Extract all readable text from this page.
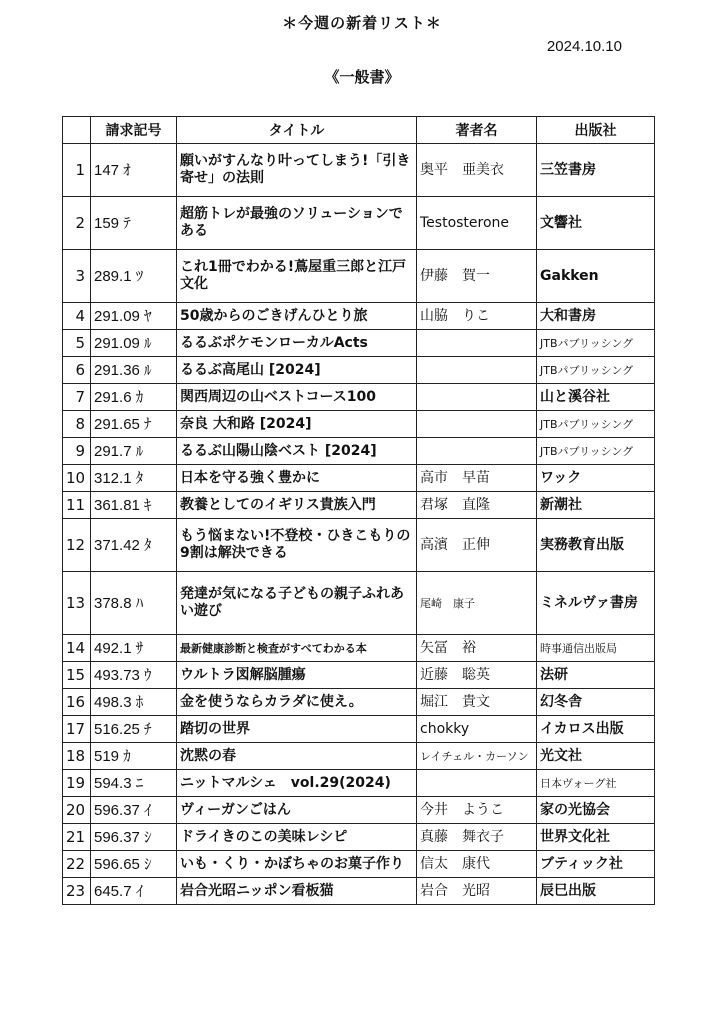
＊今週の新着リスト＊
2024.10.10
《一般書》
	請求記号	タイトル	著者名	出版社
1	147 ｵ	願いがすんなり叶ってしまう!「引き寄せ」の法則	奥平　亜美衣	三笠書房
2	159 ﾃ	超筋トレが最強のソリューションである	Testosterone	文響社
3	289.1 ﾂ	これ1冊でわかる!蔦屋重三郎と江戸文化	伊藤　賀一	Gakken
4	291.09 ﾔ	50歳からのごきげんひとり旅	山脇　りこ	大和書房
5	291.09 ﾙ	るるぶポケモンローカルActs		JTBパブリッシング
6	291.36 ﾙ	るるぶ高尾山 [2024]		JTBパブリッシング
7	291.6 ｶ	関西周辺の山ベストコース100		山と溪谷社
8	291.65 ﾅ	奈良 大和路 [2024]		JTBパブリッシング
9	291.7 ﾙ	るるぶ山陽山陰ベスト [2024]		JTBパブリッシング
10	312.1 ﾀ	日本を守る強く豊かに	高市　早苗	ワック
11	361.81 ｷ	教養としてのイギリス貴族入門	君塚　直隆	新潮社
12	371.42 ﾀ	もう悩まない!不登校・ひきこもりの9割は解決できる	高濱　正伸	実務教育出版
13	378.8 ﾊ	発達が気になる子どもの親子ふれあい遊び	尾崎　康子	ミネルヴァ書房
14	492.1 ｻ	最新健康診断と検査がすべてわかる本	矢冨　裕	時事通信出版局
15	493.73 ｳ	ウルトラ図解脳腫瘍	近藤　聡英	法研
16	498.3 ﾎ	金を使うならカラダに使え。	堀江　貴文	幻冬舎
17	516.25 ﾁ	踏切の世界	chokky	イカロス出版
18	519 ｶ	沈黙の春	レイチェル・カーソン	光文社
19	594.3 ﾆ	ニットマルシェ　vol.29(2024)		日本ヴォーグ社
20	596.37 ｲ	ヴィーガンごはん	今井　ようこ	家の光協会
21	596.37 ｼ	ドライきのこの美味レシピ	真藤　舞衣子	世界文化社
22	596.65 ｼ	いも・くり・かぼちゃのお菓子作り	信太　康代	ブティック社
23	645.7 ｲ	岩合光昭ニッポン看板猫	岩合　光昭	辰巳出版
